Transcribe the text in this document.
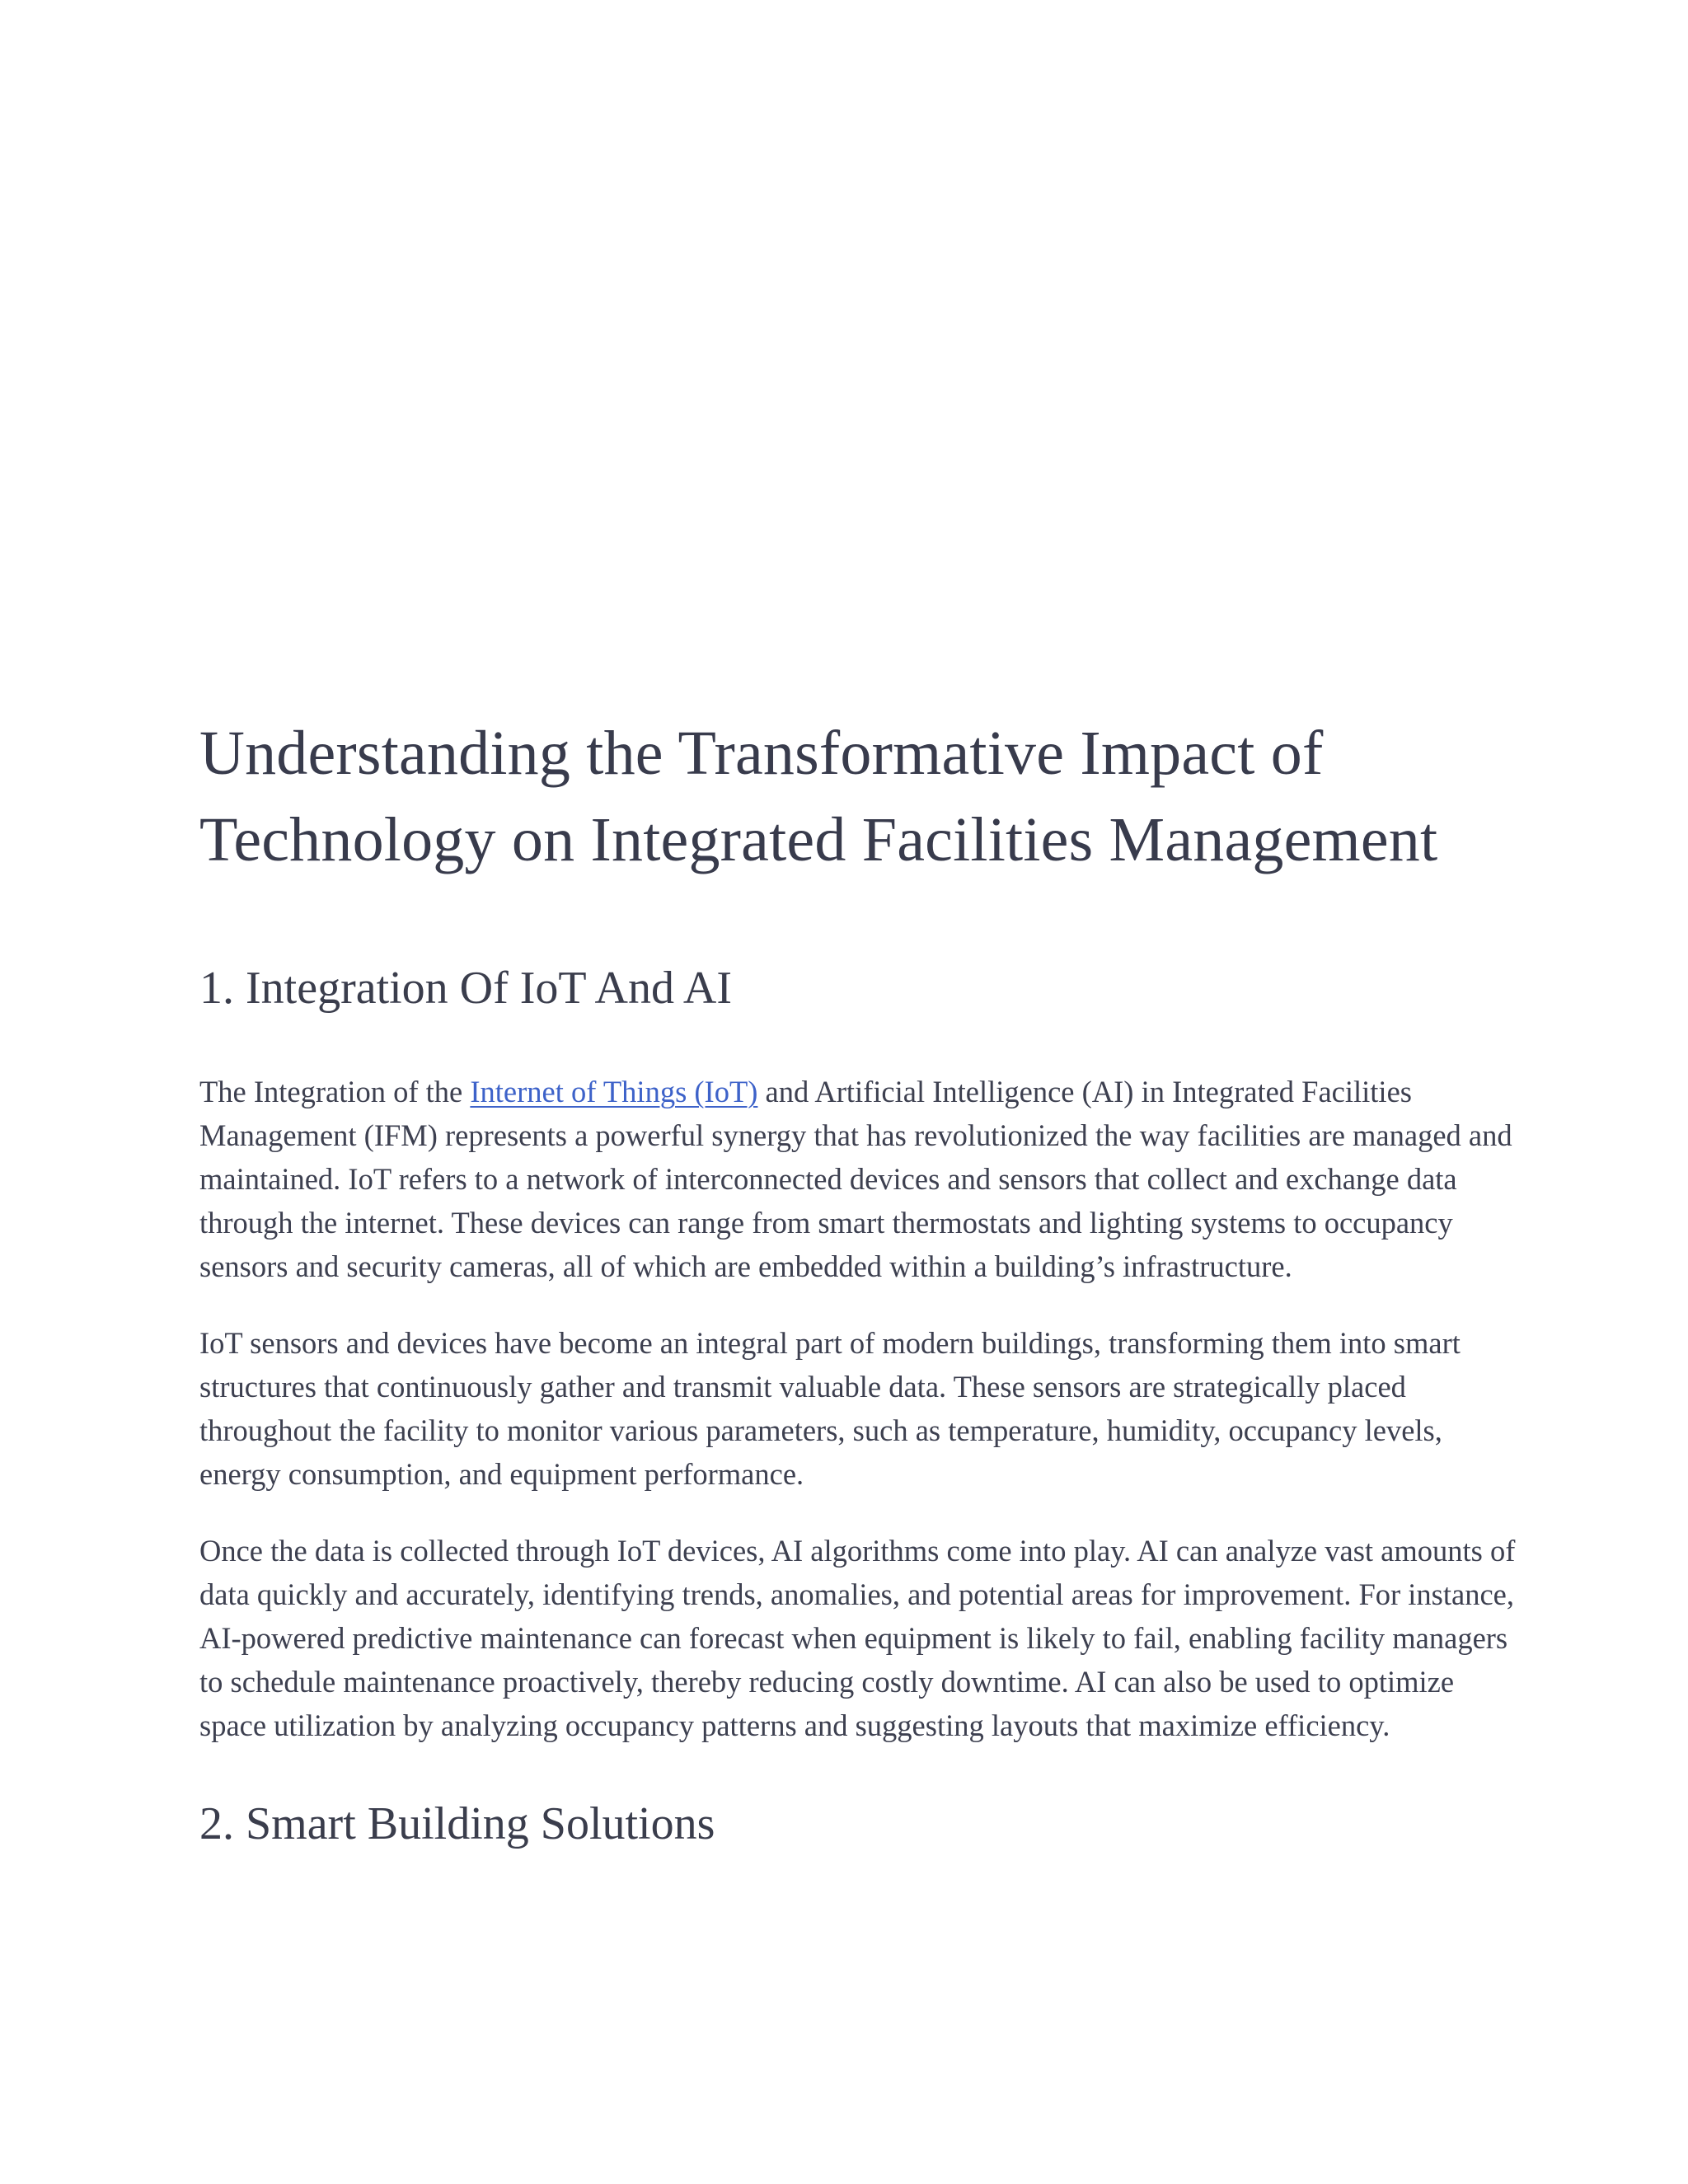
Understanding the Transformative Impact of
Technology on Integrated Facilities Management
1. Integration Of IoT And AI

The Integration of the Internet of Things (IoT) and Artificial Intelligence (AI) in Integrated Facilities Management (IFM) represents a powerful synergy that has revolutionized the way facilities are managed and maintained. IoT refers to a network of interconnected devices and sensors that collect and exchange data through the internet. These devices can range from smart thermostats and lighting systems to occupancy sensors and security cameras, all of which are embedded within a building’s infrastructure.

IoT sensors and devices have become an integral part of modern buildings, transforming them into smart structures that continuously gather and transmit valuable data. These sensors are strategically placed throughout the facility to monitor various parameters, such as temperature, humidity, occupancy levels, energy consumption, and equipment performance.

Once the data is collected through IoT devices, AI algorithms come into play. AI can analyze vast amounts of data quickly and accurately, identifying trends, anomalies, and potential areas for improvement. For instance, AI-powered predictive maintenance can forecast when equipment is likely to fail, enabling facility managers to schedule maintenance proactively, thereby reducing costly downtime. AI can also be used to optimize space utilization by analyzing occupancy patterns and suggesting layouts that maximize efficiency.

2. Smart Building Solutions
